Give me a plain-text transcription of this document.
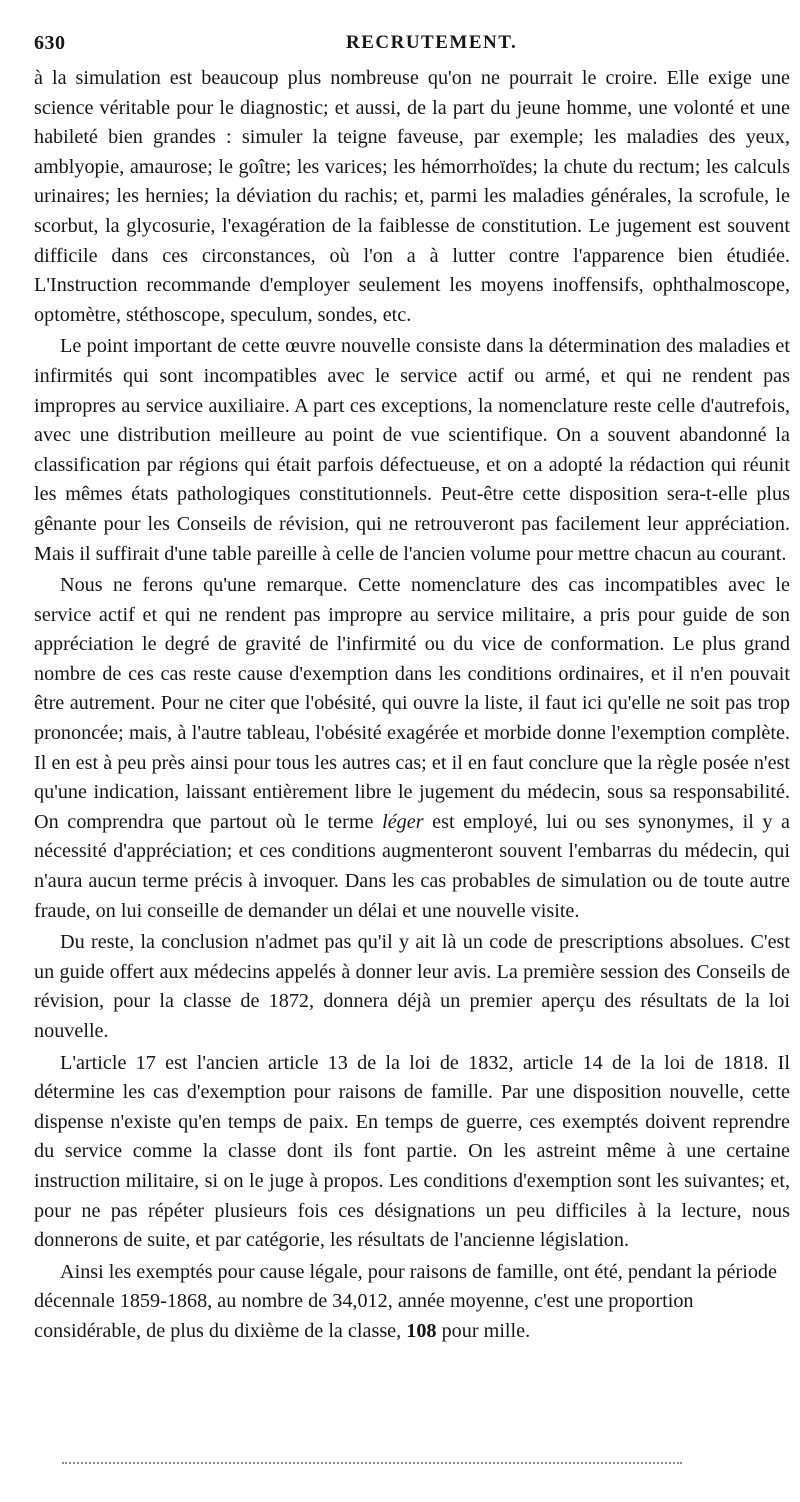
630	RECRUTEMENT.

à la simulation est beaucoup plus nombreuse qu'on ne pourrait le croire. Elle exige une science véritable pour le diagnostic; et aussi, de la part du jeune homme, une volonté et une habileté bien grandes : simuler la teigne faveuse, par exemple; les maladies des yeux, amblyopie, amaurose; le goître; les varices; les hémorrhoïdes; la chute du rectum; les calculs urinaires; les hernies; la déviation du rachis; et, parmi les maladies générales, la scrofule, le scorbut, la glycosurie, l'exagération de la faiblesse de constitution. Le jugement est souvent difficile dans ces circonstances, où l'on a à lutter contre l'apparence bien étudiée. L'Instruction recommande d'employer seulement les moyens inoffensifs, ophthalmoscope, optomètre, stéthoscope, speculum, sondes, etc.

Le point important de cette œuvre nouvelle consiste dans la détermination des maladies et infirmités qui sont incompatibles avec le service actif ou armé, et qui ne rendent pas impropres au service auxiliaire. A part ces exceptions, la nomenclature reste celle d'autrefois, avec une distribution meilleure au point de vue scientifique. On a souvent abandonné la classification par régions qui était parfois défectueuse, et on a adopté la rédaction qui réunit les mêmes états pathologiques constitutionnels. Peut-être cette disposition sera-t-elle plus gênante pour les Conseils de révision, qui ne retrouveront pas facilement leur appréciation. Mais il suffirait d'une table pareille à celle de l'ancien volume pour mettre chacun au courant.

Nous ne ferons qu'une remarque. Cette nomenclature des cas incompatibles avec le service actif et qui ne rendent pas impropre au service militaire, a pris pour guide de son appréciation le degré de gravité de l'infirmité ou du vice de conformation. Le plus grand nombre de ces cas reste cause d'exemption dans les conditions ordinaires, et il n'en pouvait être autrement. Pour ne citer que l'obésité, qui ouvre la liste, il faut ici qu'elle ne soit pas trop prononcée; mais, à l'autre tableau, l'obésité exagérée et morbide donne l'exemption complète. Il en est à peu près ainsi pour tous les autres cas; et il en faut conclure que la règle posée n'est qu'une indication, laissant entièrement libre le jugement du médecin, sous sa responsabilité. On comprendra que partout où le terme léger est employé, lui ou ses synonymes, il y a nécessité d'appréciation; et ces conditions augmenteront souvent l'embarras du médecin, qui n'aura aucun terme précis à invoquer. Dans les cas probables de simulation ou de toute autre fraude, on lui conseille de demander un délai et une nouvelle visite.

Du reste, la conclusion n'admet pas qu'il y ait là un code de prescriptions absolues. C'est un guide offert aux médecins appelés à donner leur avis. La première session des Conseils de révision, pour la classe de 1872, donnera déjà un premier aperçu des résultats de la loi nouvelle.

L'article 17 est l'ancien article 13 de la loi de 1832, article 14 de la loi de 1818. Il détermine les cas d'exemption pour raisons de famille. Par une disposition nouvelle, cette dispense n'existe qu'en temps de paix. En temps de guerre, ces exemptés doivent reprendre du service comme la classe dont ils font partie. On les astreint même à une certaine instruction militaire, si on le juge à propos. Les conditions d'exemption sont les suivantes; et, pour ne pas répéter plusieurs fois ces désignations un peu difficiles à la lecture, nous donnerons de suite, et par catégorie, les résultats de l'ancienne législation.

Ainsi les exemptés pour cause légale, pour raisons de famille, ont été, pendant la période décennale 1859-1868, au nombre de 34,012, année moyenne, c'est une proportion considérable, de plus du dixième de la classe, 108 pour mille.
